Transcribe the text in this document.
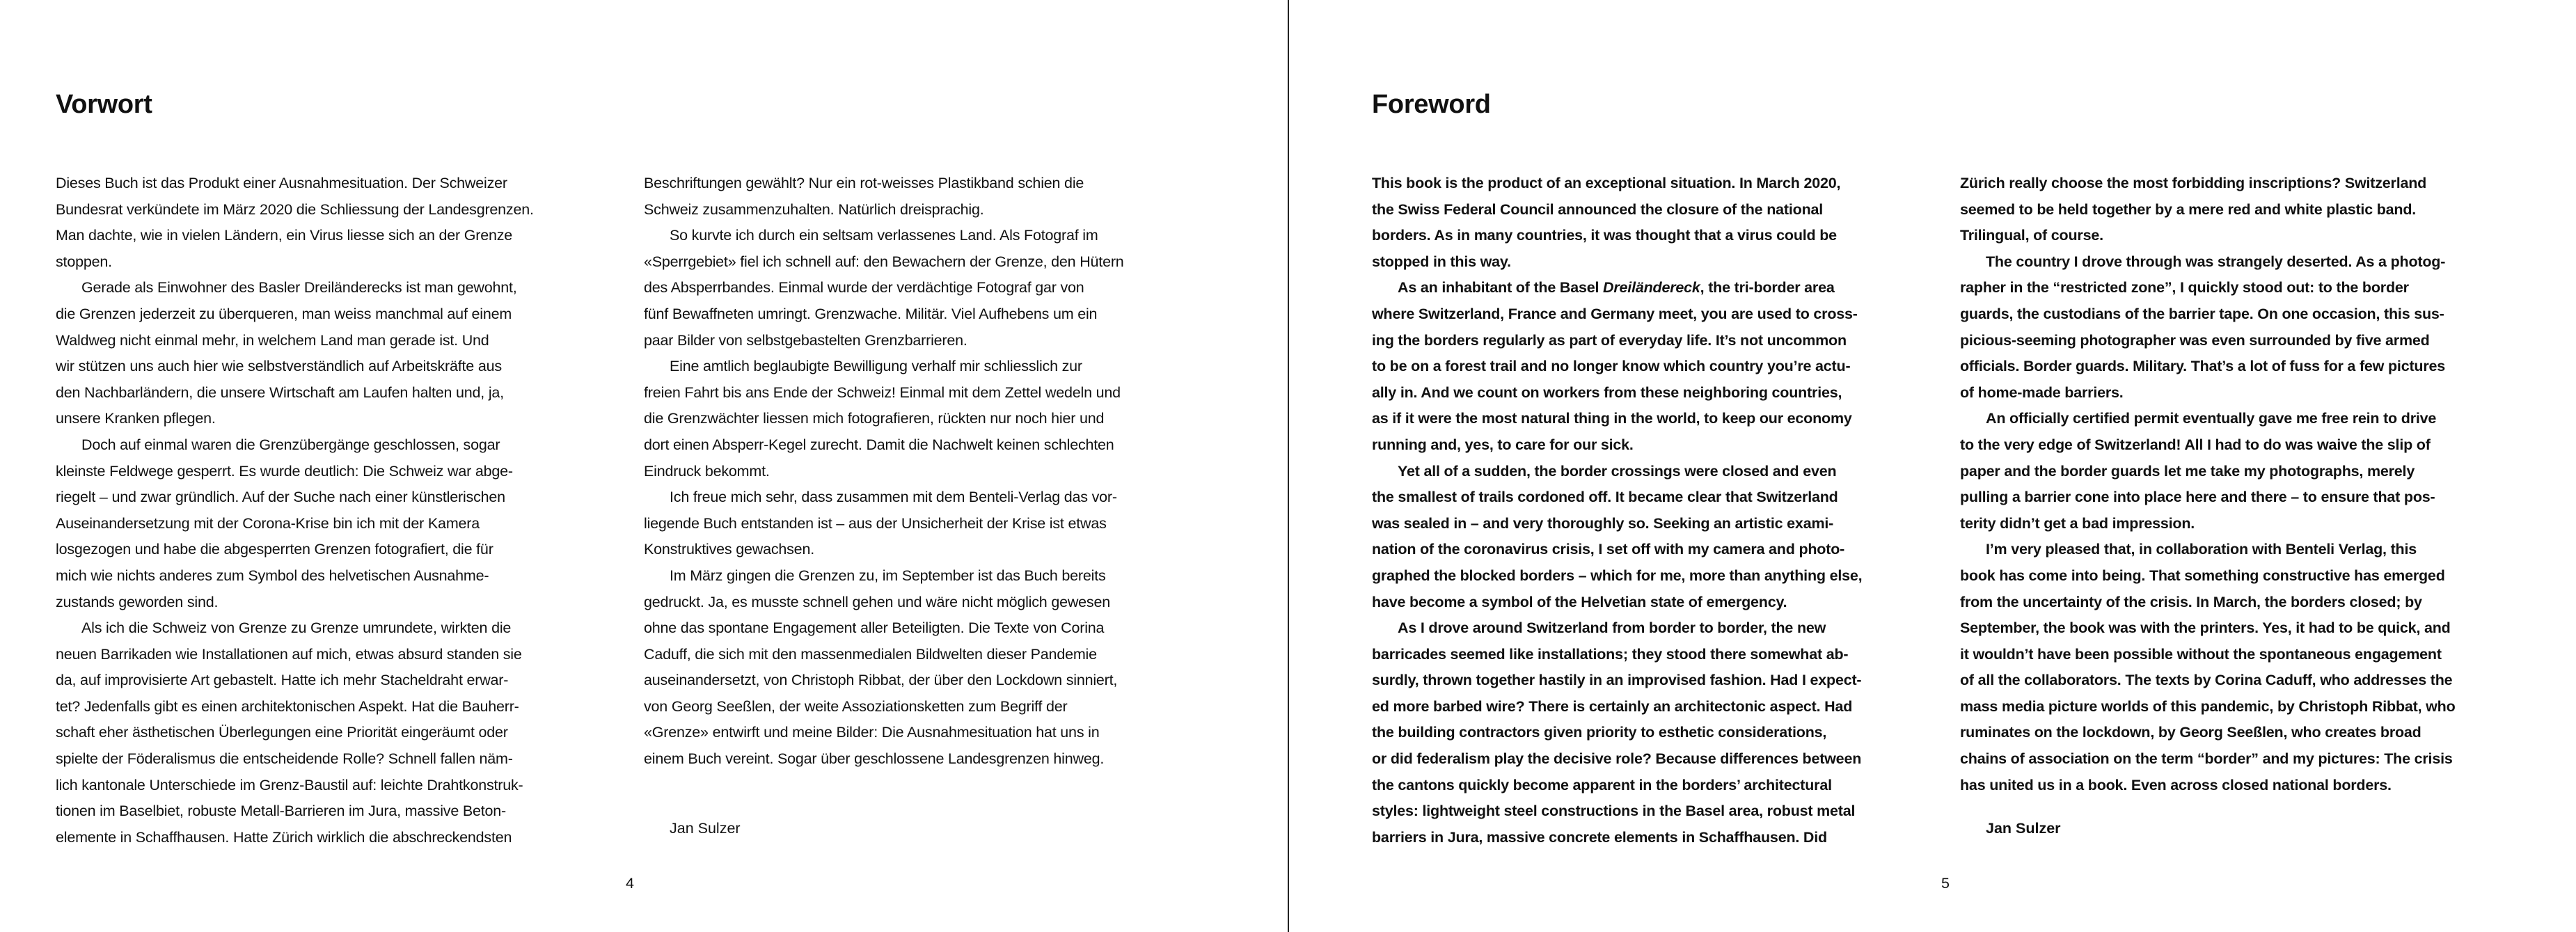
Vorwort
Dieses Buch ist das Produkt einer Ausnahmesituation. Der Schweizer
Bundesrat verkündete im März 2020 die Schliessung der Landesgrenzen.
Man dachte, wie in vielen Ländern, ein Virus liesse sich an der Grenze
stoppen.
Gerade als Einwohner des Basler Dreiländerecks ist man gewohnt,
die Grenzen jederzeit zu überqueren, man weiss manchmal auf einem
Waldweg nicht einmal mehr, in welchem Land man gerade ist. Und
wir stützen uns auch hier wie selbstverständlich auf Arbeitskräfte aus
den Nachbarländern, die unsere Wirtschaft am Laufen halten und, ja,
unsere Kranken pflegen.
Doch auf einmal waren die Grenzübergänge geschlossen, sogar
kleinste Feldwege gesperrt. Es wurde deutlich: Die Schweiz war abge-
riegelt – und zwar gründlich. Auf der Suche nach einer künstlerischen
Auseinandersetzung mit der Corona-Krise bin ich mit der Kamera
losgezogen und habe die abgesperrten Grenzen fotografiert, die für
mich wie nichts anderes zum Symbol des helvetischen Ausnahme-
zustands geworden sind.
Als ich die Schweiz von Grenze zu Grenze umrundete, wirkten die
neuen Barrikaden wie Installationen auf mich, etwas absurd standen sie
da, auf improvisierte Art gebastelt. Hatte ich mehr Stacheldraht erwar-
tet? Jedenfalls gibt es einen architektonischen Aspekt. Hat die Bauherr-
schaft eher ästhetischen Überlegungen eine Priorität eingeräumt oder
spielte der Föderalismus die entscheidende Rolle? Schnell fallen näm-
lich kantonale Unterschiede im Grenz-Baustil auf: leichte Drahtkonstruk-
tionen im Baselbiet, robuste Metall-Barrieren im Jura, massive Beton-
elemente in Schaffhausen. Hatte Zürich wirklich die abschreckendsten
Beschriftungen gewählt? Nur ein rot-weisses Plastikband schien die
Schweiz zusammenzuhalten. Natürlich dreisprachig.
So kurvte ich durch ein seltsam verlassenes Land. Als Fotograf im
«Sperrgebiet» fiel ich schnell auf: den Bewachern der Grenze, den Hütern
des Absperrbandes. Einmal wurde der verdächtige Fotograf gar von
fünf Bewaffneten umringt. Grenzwache. Militär. Viel Aufhebens um ein
paar Bilder von selbstgebastelten Grenzbarrieren.
Eine amtlich beglaubigte Bewilligung verhalf mir schliesslich zur
freien Fahrt bis ans Ende der Schweiz! Einmal mit dem Zettel wedeln und
die Grenzwächter liessen mich fotografieren, rückten nur noch hier und
dort einen Absperr-Kegel zurecht. Damit die Nachwelt keinen schlechten
Eindruck bekommt.
Ich freue mich sehr, dass zusammen mit dem Benteli-Verlag das vor-
liegende Buch entstanden ist – aus der Unsicherheit der Krise ist etwas
Konstruktives gewachsen.
Im März gingen die Grenzen zu, im September ist das Buch bereits
gedruckt. Ja, es musste schnell gehen und wäre nicht möglich gewesen
ohne das spontane Engagement aller Beteiligten. Die Texte von Corina
Caduff, die sich mit den massenmedialen Bildwelten dieser Pandemie
auseinandersetzt, von Christoph Ribbat, der über den Lockdown sinniert,
von Georg Seeßlen, der weite Assoziationsketten zum Begriff der
«Grenze» entwirft und meine Bilder: Die Ausnahmesituation hat uns in
einem Buch vereint. Sogar über geschlossene Landesgrenzen hinweg.
Jan Sulzer
4
Foreword
This book is the product of an exceptional situation. In March 2020,
the Swiss Federal Council announced the closure of the national
borders. As in many countries, it was thought that a virus could be
stopped in this way.
As an inhabitant of the Basel Dreiländereck, the tri-border area
where Switzerland, France and Germany meet, you are used to cross-
ing the borders regularly as part of everyday life. It’s not uncommon
to be on a forest trail and no longer know which country you’re actu-
ally in. And we count on workers from these neighboring countries,
as if it were the most natural thing in the world, to keep our economy
running and, yes, to care for our sick.
Yet all of a sudden, the border crossings were closed and even
the smallest of trails cordoned off. It became clear that Switzerland
was sealed in – and very thoroughly so. Seeking an artistic exami-
nation of the coronavirus crisis, I set off with my camera and photo-
graphed the blocked borders – which for me, more than anything else,
have become a symbol of the Helvetian state of emergency.
As I drove around Switzerland from border to border, the new
barricades seemed like installations; they stood there somewhat ab-
surdly, thrown together hastily in an improvised fashion. Had I expect-
ed more barbed wire? There is certainly an architectonic aspect. Had
the building contractors given priority to esthetic considerations,
or did federalism play the decisive role? Because differences between
the cantons quickly become apparent in the borders’ architectural
styles: lightweight steel constructions in the Basel area, robust metal
barriers in Jura, massive concrete elements in Schaffhausen. Did
Zürich really choose the most forbidding inscriptions? Switzerland
seemed to be held together by a mere red and white plastic band.
Trilingual, of course.
The country I drove through was strangely deserted. As a photog-
rapher in the “restricted zone”, I quickly stood out: to the border
guards, the custodians of the barrier tape. On one occasion, this sus-
picious-seeming photographer was even surrounded by five armed
officials. Border guards. Military. That’s a lot of fuss for a few pictures
of home-made barriers.
An officially certified permit eventually gave me free rein to drive
to the very edge of Switzerland! All I had to do was waive the slip of
paper and the border guards let me take my photographs, merely
pulling a barrier cone into place here and there – to ensure that pos-
terity didn’t get a bad impression.
I’m very pleased that, in collaboration with Benteli Verlag, this
book has come into being. That something constructive has emerged
from the uncertainty of the crisis. In March, the borders closed; by
September, the book was with the printers. Yes, it had to be quick, and
it wouldn’t have been possible without the spontaneous engagement
of all the collaborators. The texts by Corina Caduff, who addresses the
mass media picture worlds of this pandemic, by Christoph Ribbat, who
ruminates on the lockdown, by Georg Seeßlen, who creates broad
chains of association on the term “border” and my pictures: The crisis
has united us in a book. Even across closed national borders.
Jan Sulzer
5
